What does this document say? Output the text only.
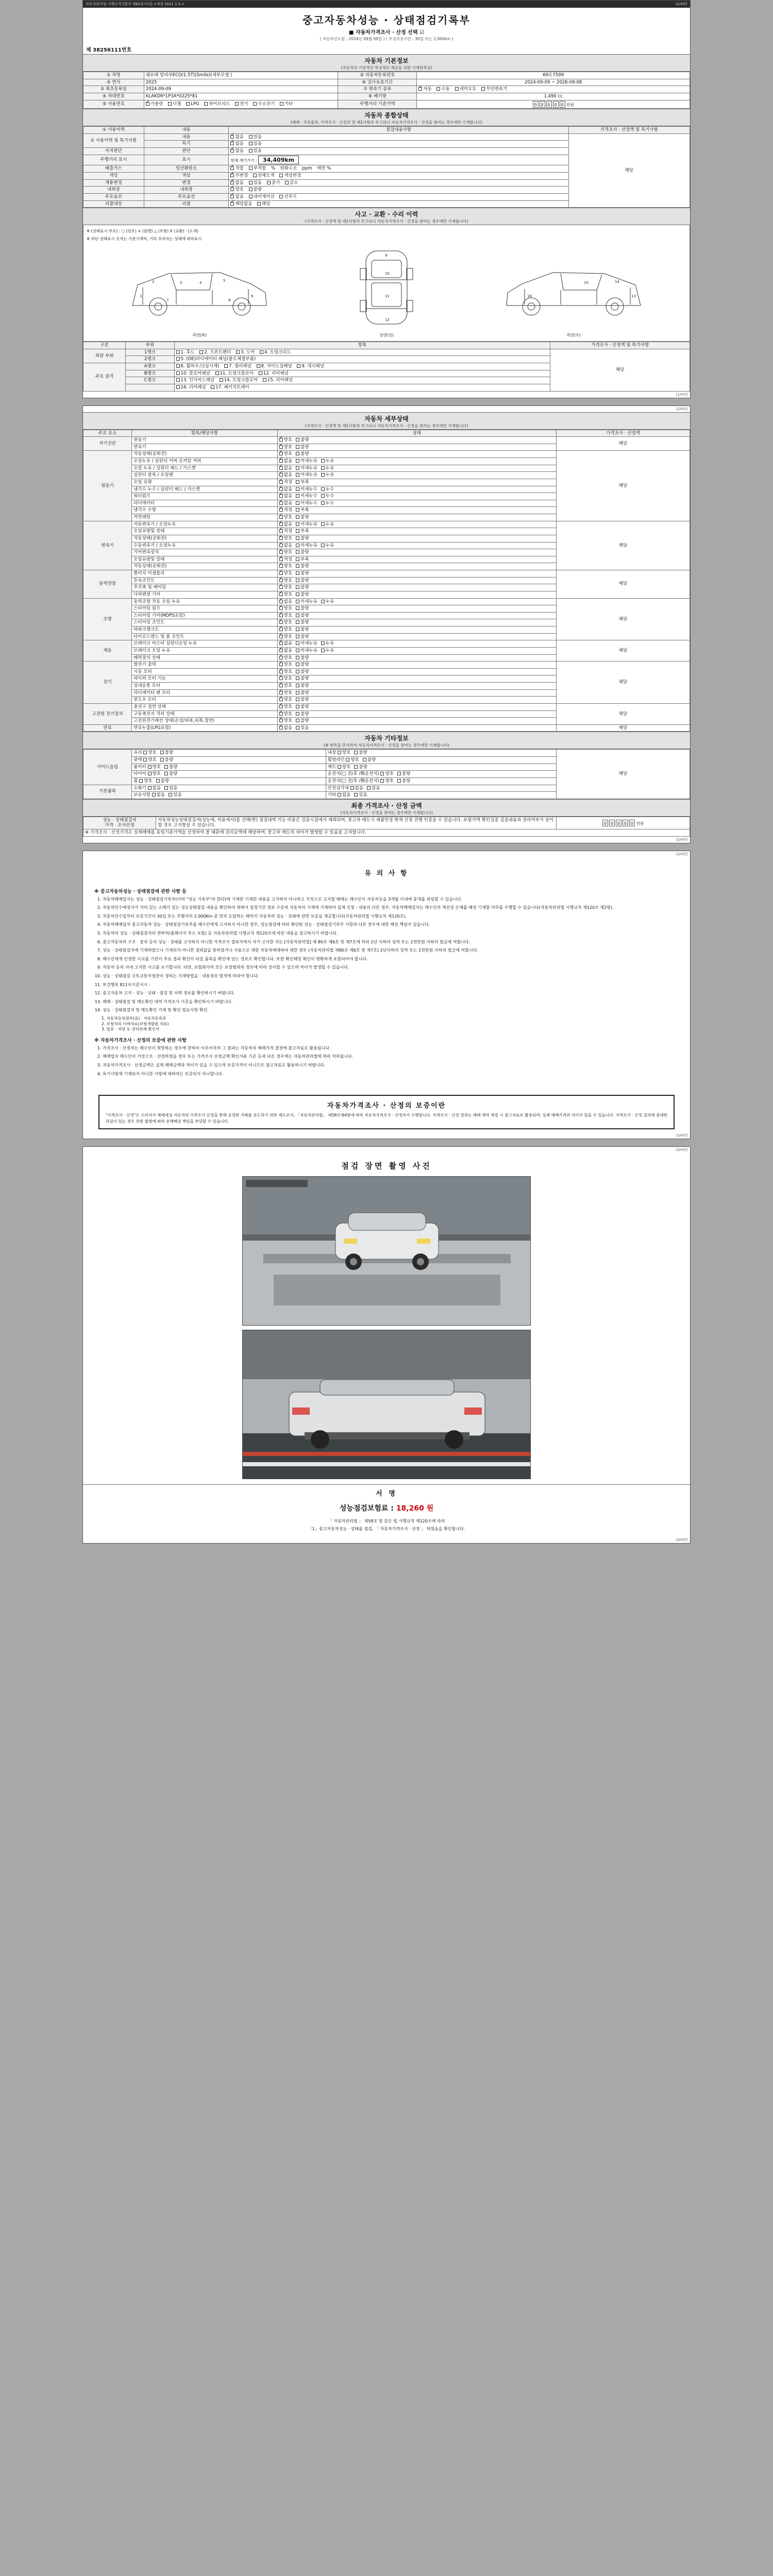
자동차관리법 시행규칙 [별지 제82호서식] <개정 2021.1.5.>	(1/4면)
중고자동차성능 · 상태점검기록부
■ 자동차가격조사 · 산정 선택 ☑
( 자동차인도일 : 2024년 09월 09일 ) ( 무상보증기간 : 30일 또는 2,000km )
제 38256111번호
자동차 기본정보
(자동차의 기본적인 특성정보 제공을 위한 기재항목임)
① 차명	쉐보레 말리부ECO(1.5T)(Smile)(세부모델 )	② 자동차등록번호	69도7599
② 연식	2025	⑥ 검사유효기간	2024-09-09 ~ 2026-09-08
③ 최초등록일	2024-09-09	⑦ 변속기 종류	✓자동 수동 세미오토 무단변속기
④ 차대번호	KLAKD6*1P3A*0225*81	⑥ 배기량	1,490 cc
⑤ 사용연료	✓가솔린 디젤 LPG 하이브리드 전기 수소전기 기타	주행거리 기준가액	0 0 0 0 0 만원
자동차 종합상태
(매매 · 주유물과, 가격조사 · 산정의 및 제1사항과 부고되니 자동차가격조사 · 산정을 참여는 경우에만 기재합니다)
① 사용이력	내용	점검내용사항	가격조사 · 산정액 및 특기사항
① 사용이력 및 특기사항	내용	✓없음 있음	해당
	특기	✓없음 있음
자치판단	판단	✓없음 있음
주행거리 표시	표시	현재 계기기기 : 34,409km	
배출가스	일산화탄소	✓적합 부적합 % 탄화수소 ppm 매연 %
색상	색상	✓무변경 전체도색 색상변경
계통변경	변경	✓없음 있음 증가 감소
내외장	내외장	✓양호 불량
주요옵션	주요옵션	✓없음 내비게이션 선루프
리콜대상	리콜	✓해당없음 해당
사고 · 교환 · 수리 이력
(가격조사 · 산정액 및 제1사항과 부고되니 자동차가격조사 · 산정을 참여는 경우에만 기재합니다)
※ (상태표시 부호) : ○ (양호) × (불량) △ (보통) X (교환) · (도색)
※ 하단 상태표시 숫자는 기준기재며, 기타 부위자는 상태에 따라표시
1
2	3	4	5
6
7	8
측면(좌)
9
10
11
12
상면(상)
13
14
15
16
측면(우)
구분	부위	항목	가격조사 · 산정액 및 특기사항
외판 부위	1랭크	1. 후드 2. 프론트펜더 3. 도어 4. 트렁크리드	해당
	2랭크	5. (OE)라디에이터 패널(볼트체결부품)	
주요 골격	A랭크	6. 휠하우스(실시계) 7. 필러패널 8. 사이드실패널 9. 대시패널	
	B랭크	10. 플로어패널 11. 트렁크플로어 12. 리어패널	
	C랭크	13. 인사이드패널 14. 트렁크플로어 15. 리어패널	
		16. 리어패널 17. 패키지트레이	
(1/4면)
(2/4면)
자동차 세부상태
(가격조사 · 산정액 및 제1사항과 부고되니 자동차가격조사 · 산정을 참여는 경우에만 기재합니다)
주요 요소	항목/해당사항	상태	가격조사 · 산정액
자기진단	원동기	✓양호 불량	해당
	변속기	✓양호 불량
원동기	작동상태(공회전)	✓양호 불량	해당
	오일누유 / 실린더 커버 로커암 커버	✓없음 미세누유 누유
	오일 누유 / 실린더 헤드 / 가스켓	✓없음 미세누유 누유
	실린더 블록 / 오일팬	✓없음 미세누유 누유
	오일 유량	✓적정 부족
	냉각수 누수 / 실린더 헤드 / 가스켓	✓없음 미세누수 누수
	워터펌프	✓없음 미세누수 누수
	라디에이터	✓없음 미세누수 누수
	냉각수 수량	✓적정 부족
	커먼레일	✓양호 불량
변속기	자동변속기 / 오일누유	✓없음 미세누유 누유	해당
	오일유량및 상태	✓적정 부족
	작동상태(공회전)	✓양호 불량
	수동변속기 / 오일누유	✓없음 미세누유 누유
	기어변속장치	✓양호 불량
	오일유량및 상태	✓적정 부족
	작동상태(공회전)	✓양호 불량
동력전달	클러치 어셈블리	✓양호 불량	해당
	등속조인트	✓양호 불량
	추진축 및 베어링	✓양호 불량
	디퍼렌셜 기어	✓양호 불량
조향	동력조향 작동 오일 누유	✓없음 미세누유 누유	해당
	스티어링 펌프	✓양호 불량
	스티어링 기어(MDPS포함)	✓양호 불량
	스티어링 조인트	✓양호 불량
	파워크랭크트	✓양호 불량
	타이로드엔드 및 볼 조인트	✓양호 불량
제동	브레이크 마스터 실린더오일 누유	✓없음 미세누유 누유	해당
	브레이크 오일 누유	✓없음 미세누유 누유
	배력장치 상태	✓양호 불량
전기	발전기 출력	✓양호 불량	해당
	시동 모터	✓양호 불량
	와이퍼 모터 기능	✓양호 불량
	실내송풍 모터	✓양호 불량
	라디에이터 팬 모터	✓양호 불량
	윈도우 모터	✓양호 불량
고전원 전기장치	충전구 절연 상태	✓양호 불량	해당
	구동축전지 격리 상태	✓양호 불량
	고전원전기배선 상태(손상/피복,피복,절연)	✓양호 불량
연료	연료누출(LPG포함)	✓없음 있음	해당
자동차 기타정보
(※ 항목을 추가하여 자동차가격조사 · 산정을 참여는 경우에만 기재합니다)
사이드슬립	유리 양호 불량	내장 양호 불량	해당
	광택 양호 불량	휠얼라인 양호 불량	
	룸미러 양호 불량	매트 양호 불량	
	타이어 양호 불량	운전석(□ 전/후 /剩운전석) 양호 불량	
	휠 양호 불량	운전석(□ 전/후 /剩운전석) 양호 불량	
기본품목	소화기 없음 있음	안전삼각대 없음 있음	
	보유사항 없음 있음	기타 없음 있음	
최종 가격조사 · 산정 금액
(자동차가격조사 · 산정을 참여는 경우에만 기재합니다)
성능 · 상태점검자
가격 · 조사산정
	자동차성능상태점검자(성능에, 비용에서)를 선택(한) 점검내역 기능 비용은 검증시점에서 제외되며, 중고차 매도시 제품인정 현재 신청 진행 인증을 수 있습니다. 보험가액 확인검증 검증내용과 권리여부가 상이할 경우 고지항상 수 있습니다.	0 0 0 0 0 천원
※ 가격조사 · 산정가격은 실제매매를 동일기준가액을 산정하여 볼 때문에 권리금액에 해당하며, 중고차 매도의 차이가 발생할 수 있음을 고지합니다.
(2/4면)
(3/4면)
유 의 사 항
※ 중고자동차성능 · 상태점검에 관한 사항 등
1. 자동차매매업자는 성능 · 상태점검기록부(이하 "성능 기록부"라 한다)에 기재한 기재한 내용을 고지하지 아니하고 거짓으로 고지할 때에는 매수인이 자동차등을 3개월 이내에 중개를 위임할 수 있습니다.
2. 자동차인수예정자가 거의 있는 소매가 있는 성능상태점검 내용을 확인하여 대해서 설정기간 정보 수준의 자동차의 기재에 기재하여 실제 신청 : 내용의 다른 경우, 자동차매매업자는 매수인의 계산상 손해를 배상 기재할 의무를 수행할 수 있습니다(자동차관리법 시행규칙 제120조 제2항).
3. 자동차인수일부터 보증기간이 30일 또는 주행거리 2,000Km 중 먼저 도달하는 때까지 자동차의 성능 · 상태에 관한 보증을 제공합니다(자동차관리법 시행규칙 제120조).
4. 자동차매매업자 중고자동차 성능 · 상태점검기록부를 매수인에게 고지하지 아니한 경우, 성능점검에 따라 확인된 성능 · 상태점검기록부 사항과 다른 경우에 대한 배상 책임이 있습니다.
5. 자동차의 성능 · 상태점검자의 연락처(홈페이지 주소 포함) 등 자동차관리법 시행규칙 제120조에 따른 내용을 참고하시기 바랍니다.
6. 중고자동차의 구조 · 장치 등의 성능 · 상태를 고지하지 아니한 가격조사 결과지에서 자가 고지한 자는 [자동차관리법] 제 80조 제6호 및 제7호에 따라 2년 이하의 징역 또는 2천만원 이하의 벌금에 처합니다.
7. 성능 · 상태점검자에 기재하였으나 기재되지 아니한 결과값을 통하였거나 사용으로 대한 자동차에대하여 대한 경우 (자동차관리법 제80조 제6호 및 제7호) 2년이하의 징역 또는 2천만원 이하의 벌금에 처합니다.
8. 매수인에게 인정한 시교를 기관이 주요 결과 확인이 되었 품목을 확인에 있는 정보로 확인합니다. 또한 확인해당 확인이 명확하게 포함되어야 합니다.
9. 자동차 등의 사내 고지한 사고를 포기합니다. 다만, 보험회사의 모든 보장범위의 정보에 따라 상이할 수 있으며 차이가 발생할 수 있습니다.
10. 성능 · 상태점검 국토교통부장관이 정하는 기재방법을 · 내용정보 법적에 따라야 합니다.
11. 보건행복 811이기준서시 :
12. 중고자동차 고지 · 성능 · 상태 · 점검 및 이력 정보를 확인하시기 바랍니다.
13. 매매 · 상태점검 및 매도확인 내역 가격조사 기준을 확인하시기 바랍니다.
14. 성능 · 상태점검자 및 매도확인 기재 및 확인 필요사항 확인.
1. 자동차등록원부(을) · 자동차등록증
2. 보험처리 이력자료(보험개발원 자료)
3. 압류 · 저당 등 권리관계 확인서
※ 자동차가격조사 · 산정의 보증에 관한 사항
1. 가격조사 · 산정자는 매수인이 희망하는 경우에 한하여 이루어지며 그 결과는 자동차의 매매가격 결정에 참고자료로 활용됩니다.
2. 매매업자 매수인이 거짓으로 · 산정하였을 경우 또는 가격조사 산정금액 확인서류 기준 등과 다른 경우에는 자동차관리법에 따라 처리됩니다.
3. 자동차가격조사 · 산정금액은 실제 매매금액과 차이가 있을 수 있으며 보증가격이 아니므로 참고자료로 활용하시기 바랍니다.
4. 특기사항에 기재되지 아니한 사항에 대하여는 보증되지 아니합니다.
자동차가격조사 · 산정의 보증이란
"가격조사 · 산정"은 소비자가 매매대상 자동차의 가격조사 산정을 통해 공정한 거래를 유도하기 위한 제도로서, 「자동차관리법」 제58조제4항에 따라 자동차가격조사 · 산정자가 수행합니다. 가격조사 · 산정 결과는 매매 계약 체결 시 참고자료로 활용되며, 실제 매매가격과 차이가 있을 수 있습니다. 가격조사 · 산정 결과에 중대한 과실이 있는 경우 관련 법령에 따라 손해배상 책임을 부담할 수 있습니다.
(3/4면)
(4/4면)
점검 장면 촬영 사진
서 명
성능점검보험료 : 18,260 원
「 자동차관리법 」 제58조 및 같은 법 시행규칙 제120조에 따라
「1」중고자동차성능 · 상태를 점검, 「 자동차가격조사 · 산정 」 하였음을 확인합니다.
(4/4면)
